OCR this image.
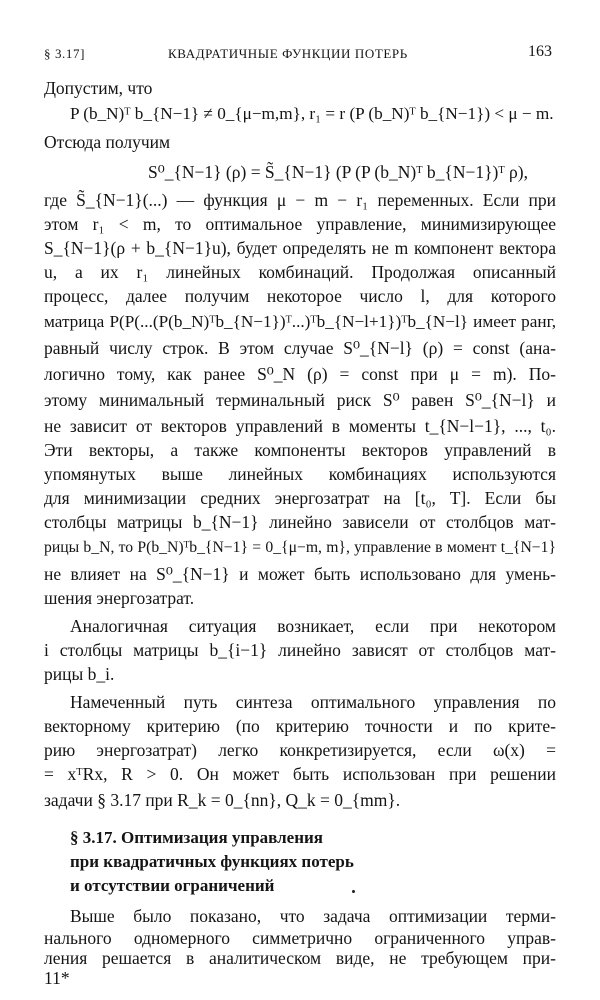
§ 3.17]	КВАДРАТИЧНЫЕ ФУНКЦИИ ПОТЕРЬ	163
Допустим, что
P (b_N)ᵀ b_{N−1} ≠ 0_{μ−m,m}, r₁ = r (P (b_N)ᵀ b_{N−1}) < μ − m.
Отсюда получим
S⁰_{N−1} (ρ) = S̃_{N−1} (P (P (b_N)ᵀ b_{N−1})ᵀ ρ),
где S̃_{N−1}(...) — функция μ − m − r₁ переменных. Если при
этом r₁ < m, то оптимальное управление, минимизирующее
S_{N−1}(ρ + b_{N−1}u), будет определять не m компонент вектора
u, а их r₁ линейных комбинаций. Продолжая описанный
процесс, далее получим некоторое число l, для которого
матрица P(P(...(P(b_N)ᵀb_{N−1})ᵀ...)ᵀb_{N−l+1})ᵀb_{N−l} имеет ранг,
равный числу строк. В этом случае S⁰_{N−l} (ρ) = const (ана-
логично тому, как ранее S⁰_N (ρ) = const при μ = m). По-
этому минимальный терминальный риск S⁰ равен S⁰_{N−l} и
не зависит от векторов управлений в моменты t_{N−l−1}, ..., t₀.
Эти векторы, а также компоненты векторов управлений в
упомянутых выше линейных комбинациях используются
для минимизации средних энергозатрат на [t₀, T]. Если бы
столбцы матрицы b_{N−1} линейно зависели от столбцов мат-
рицы b_N, то P(b_N)ᵀb_{N−1} = 0_{μ−m, m}, управление в момент t_{N−1}
не влияет на S⁰_{N−1} и может быть использовано для умень-
шения энергозатрат.
Аналогичная ситуация возникает, если при некотором
i столбцы матрицы b_{i−1} линейно зависят от столбцов мат-
рицы b_i.
Намеченный путь синтеза оптимального управления по
векторному критерию (по критерию точности и по крите-
рию энергозатрат) легко конкретизируется, если ω(x) =
= xᵀRx, R > 0. Он может быть использован при решении
задачи § 3.17 при R_k = 0_{nn}, Q_k = 0_{mm}.
§ 3.17. Оптимизация управления
при квадратичных функциях потерь
и отсутствии ограничений
Выше было показано, что задача оптимизации терми-
нального одномерного симметрично ограниченного управ-
ления решается в аналитическом виде, не требующем при-
11*
